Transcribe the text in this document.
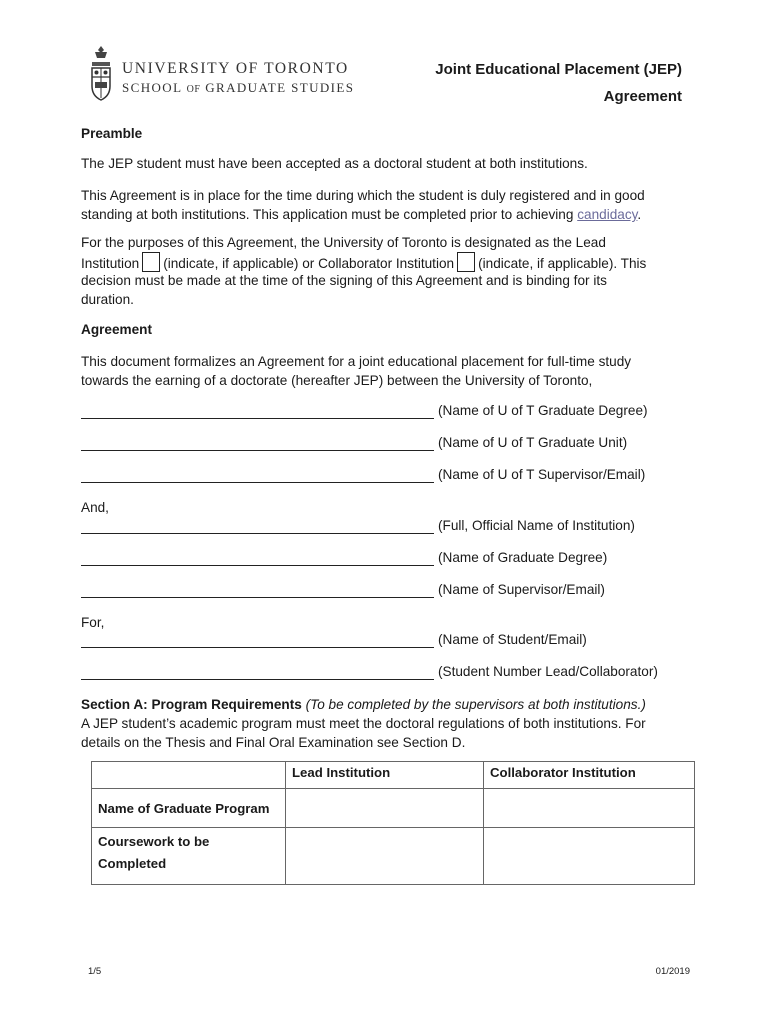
UNIVERSITY OF TORONTO
SCHOOL OF GRADUATE STUDIES
Joint Educational Placement (JEP)
Agreement
Preamble
The JEP student must have been accepted as a doctoral student at both institutions.
This Agreement is in place for the time during which the student is duly registered and in good
standing at both institutions. This application must be completed prior to achieving candidacy.
For the purposes of this Agreement, the University of Toronto is designated as the Lead
Institution (indicate, if applicable) or Collaborator Institution (indicate, if applicable). This
decision must be made at the time of the signing of this Agreement and is binding for its
duration.
Agreement
This document formalizes an Agreement for a joint educational placement for full-time study
towards the earning of a doctorate (hereafter JEP) between the University of Toronto,
(Name of U of T Graduate Degree)
(Name of U of T Graduate Unit)
(Name of U of T Supervisor/Email)
And,
(Full, Official Name of Institution)
(Name of Graduate Degree)
(Name of Supervisor/Email)
For,
(Name of Student/Email)
(Student Number Lead/Collaborator)
Section A: Program Requirements (To be completed by the supervisors at both institutions.)
A JEP student’s academic program must meet the doctoral regulations of both institutions. For
details on the Thesis and Final Oral Examination see Section D.
	Lead Institution	Collaborator Institution
Name of Graduate Program		

Coursework to be
Completed		

1/5	01/2019
